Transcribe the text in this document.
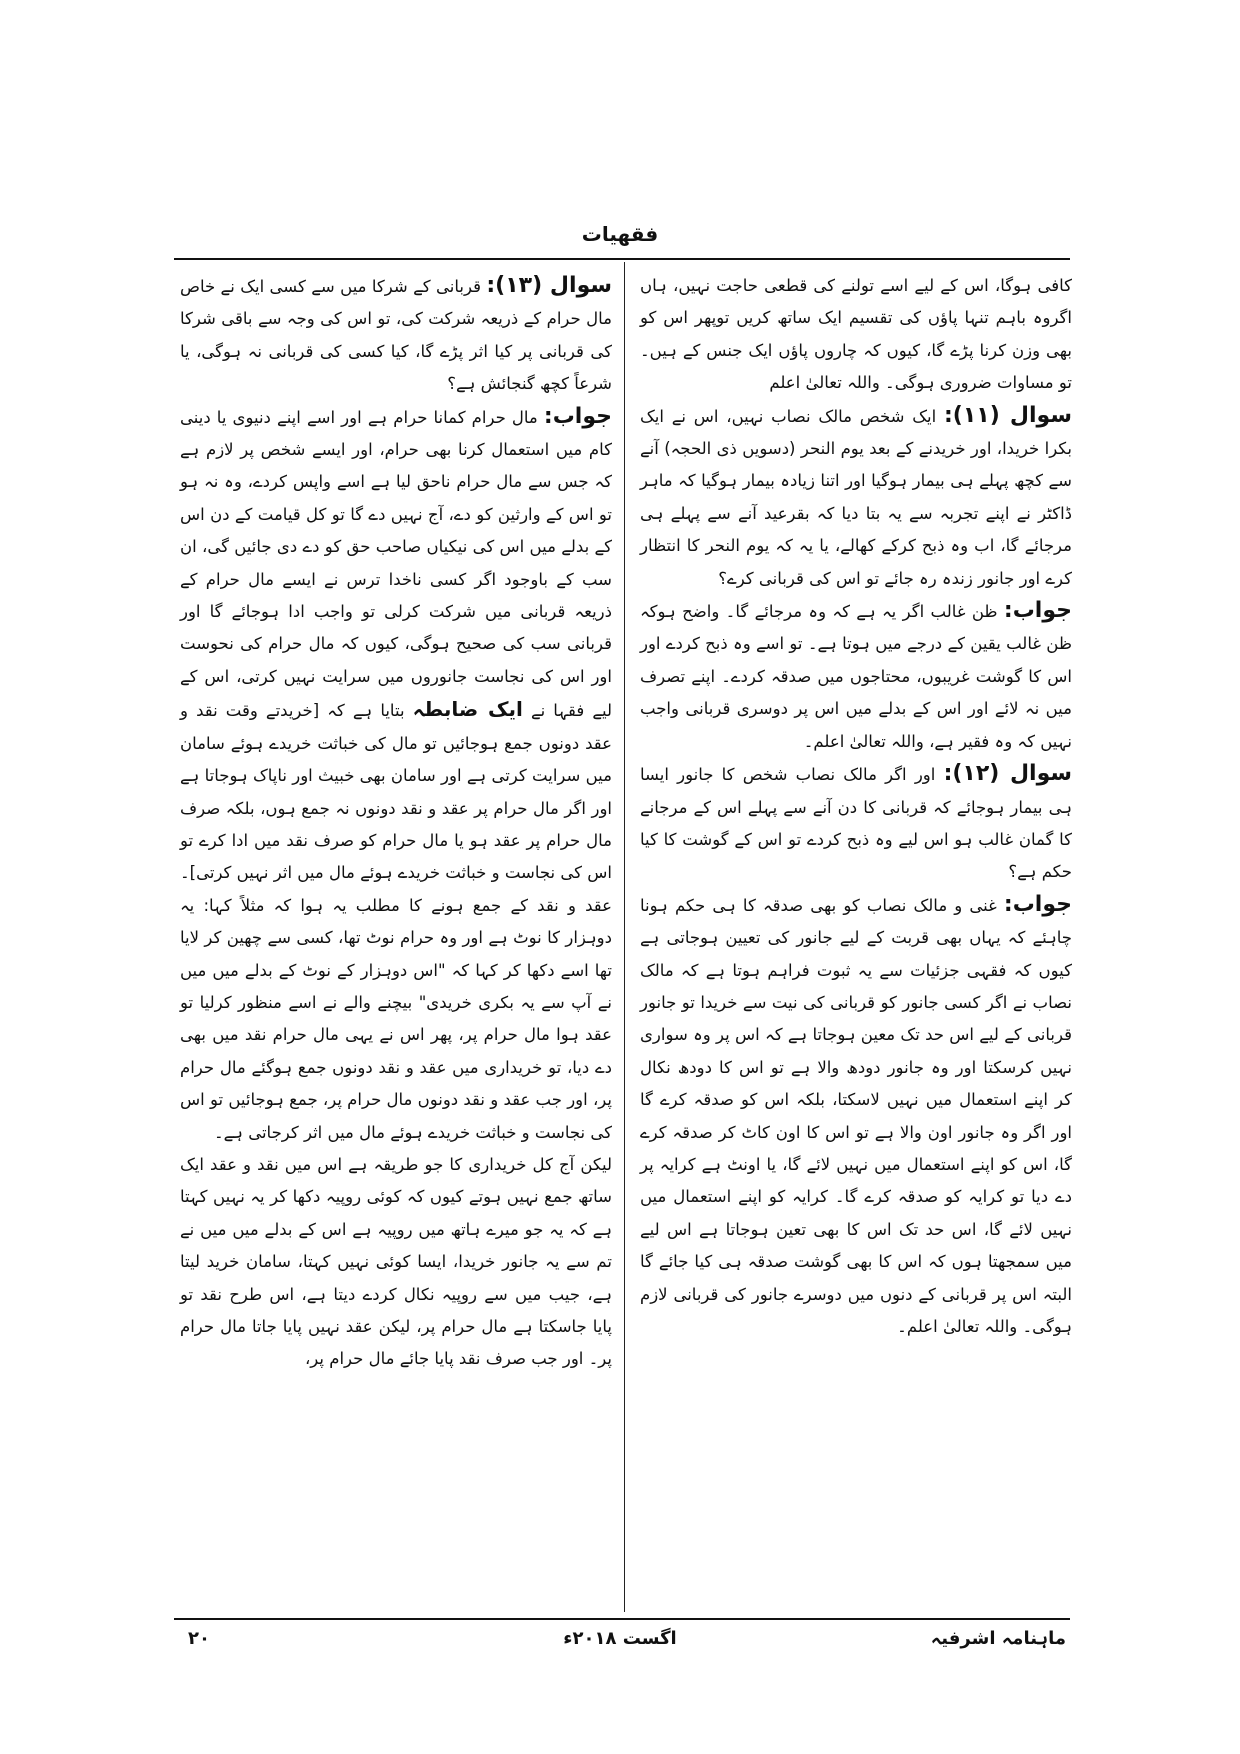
فقهيات

کافی ہوگا، اس کے لیے اسے تولنے کی قطعی حاجت نہیں، ہاں اگروہ باہم تنہا پاؤں کی تقسیم ایک ساتھ کریں توپھر اس کو بھی وزن کرنا پڑے گا، کیوں کہ چاروں پاؤں ایک جنس کے ہیں۔ تو مساوات ضروری ہوگی۔ واللہ تعالیٰ اعلم

سوال (۱۱): ایک شخص مالک نصاب نہیں، اس نے ایک بکرا خریدا، اور خریدنے کے بعد یوم النحر (دسویں ذی الحجہ) آنے سے کچھ پہلے ہی بیمار ہوگیا اور اتنا زیادہ بیمار ہوگیا کہ ماہر ڈاکٹر نے اپنے تجربہ سے یہ بتا دیا کہ بقرعید آنے سے پہلے ہی مرجائے گا، اب وہ ذبح کرکے کھالے، یا یہ کہ یوم النحر کا انتظار کرے اور جانور زندہ رہ جائے تو اس کی قربانی کرے؟

جواب: ظن غالب اگر یہ ہے کہ وہ مرجائے گا۔ واضح ہوکہ ظن غالب یقین کے درجے میں ہوتا ہے۔ تو اسے وہ ذبح کردے اور اس کا گوشت غریبوں، محتاجوں میں صدقہ کردے۔ اپنے تصرف میں نہ لائے اور اس کے بدلے میں اس پر دوسری قربانی واجب نہیں کہ وہ فقیر ہے، واللہ تعالیٰ اعلم۔

سوال (۱۲): اور اگر مالک نصاب شخص کا جانور ایسا ہی بیمار ہوجائے کہ قربانی کا دن آنے سے پہلے اس کے مرجانے کا گمان غالب ہو اس لیے وہ ذبح کردے تو اس کے گوشت کا کیا حکم ہے؟

جواب: غنی و مالک نصاب کو بھی صدقہ کا ہی حکم ہونا چاہئے کہ یہاں بھی قربت کے لیے جانور کی تعیین ہوجاتی ہے کیوں کہ فقہی جزئیات سے یہ ثبوت فراہم ہوتا ہے کہ مالک نصاب نے اگر کسی جانور کو قربانی کی نیت سے خریدا تو جانور قربانی کے لیے اس حد تک معین ہوجاتا ہے کہ اس پر وہ سواری نہیں کرسکتا اور وہ جانور دودھ والا ہے تو اس کا دودھ نکال کر اپنے استعمال میں نہیں لاسکتا، بلکہ اس کو صدقہ کرے گا اور اگر وہ جانور اون والا ہے تو اس کا اون کاٹ کر صدقہ کرے گا، اس کو اپنے استعمال میں نہیں لائے گا، یا اونٹ ہے کرایہ پر دے دیا تو کرایہ کو صدقہ کرے گا۔ کرایہ کو اپنے استعمال میں نہیں لائے گا، اس حد تک اس کا بھی تعین ہوجاتا ہے اس لیے میں سمجھتا ہوں کہ اس کا بھی گوشت صدقہ ہی کیا جائے گا البتہ اس پر قربانی کے دنوں میں دوسرے جانور کی قربانی لازم ہوگی۔ واللہ تعالیٰ اعلم۔

سوال (۱۳): قربانی کے شرکا میں سے کسی ایک نے خاص مال حرام کے ذریعہ شرکت کی، تو اس کی وجہ سے باقی شرکا کی قربانی پر کیا اثر پڑے گا، کیا کسی کی قربانی نہ ہوگی، یا شرعاً کچھ گنجائش ہے؟

جواب: مال حرام کمانا حرام ہے اور اسے اپنے دنیوی یا دینی کام میں استعمال کرنا بھی حرام، اور ایسے شخص پر لازم ہے کہ جس سے مال حرام ناحق لیا ہے اسے واپس کردے، وہ نہ ہو تو اس کے وارثین کو دے، آج نہیں دے گا تو کل قیامت کے دن اس کے بدلے میں اس کی نیکیاں صاحب حق کو دے دی جائیں گی، ان سب کے باوجود اگر کسی ناخدا ترس نے ایسے مال حرام کے ذریعہ قربانی میں شرکت کرلی تو واجب ادا ہوجائے گا اور قربانی سب کی صحیح ہوگی، کیوں کہ مال حرام کی نحوست اور اس کی نجاست جانوروں میں سرایت نہیں کرتی، اس کے لیے فقہا نے ایک ضابطہ بتایا ہے کہ [خریدتے وقت نقد و عقد دونوں جمع ہوجائیں تو مال کی خباثت خریدے ہوئے سامان میں سرایت کرتی ہے اور سامان بھی خبیث اور ناپاک ہوجاتا ہے اور اگر مال حرام پر عقد و نقد دونوں نہ جمع ہوں، بلکہ صرف مال حرام پر عقد ہو یا مال حرام کو صرف نقد میں ادا کرے تو اس کی نجاست و خباثت خریدے ہوئے مال میں اثر نہیں کرتی]۔ عقد و نقد کے جمع ہونے کا مطلب یہ ہوا کہ مثلاً کہا: یہ دوہزار کا نوٹ ہے اور وہ حرام نوٹ تھا، کسی سے چھین کر لایا تھا اسے دکھا کر کہا کہ "اس دوہزار کے نوٹ کے بدلے میں میں نے آپ سے یہ بکری خریدی" بیچنے والے نے اسے منظور کرلیا تو عقد ہوا مال حرام پر، پھر اس نے یہی مال حرام نقد میں بھی دے دیا، تو خریداری میں عقد و نقد دونوں جمع ہوگئے مال حرام پر، اور جب عقد و نقد دونوں مال حرام پر، جمع ہوجائیں تو اس کی نجاست و خباثت خریدے ہوئے مال میں اثر کرجاتی ہے۔

لیکن آج کل خریداری کا جو طریقہ ہے اس میں نقد و عقد ایک ساتھ جمع نہیں ہوتے کیوں کہ کوئی روپیہ دکھا کر یہ نہیں کہتا ہے کہ یہ جو میرے ہاتھ میں روپیہ ہے اس کے بدلے میں میں نے تم سے یہ جانور خریدا، ایسا کوئی نہیں کہتا، سامان خرید لیتا ہے، جیب میں سے روپیہ نکال کردے دیتا ہے، اس طرح نقد تو پایا جاسکتا ہے مال حرام پر، لیکن عقد نہیں پایا جاتا مال حرام پر۔ اور جب صرف نقد پایا جائے مال حرام پر،

ماہنامہ اشرفیہ
اگست ۲۰۱۸ء
۲۰
